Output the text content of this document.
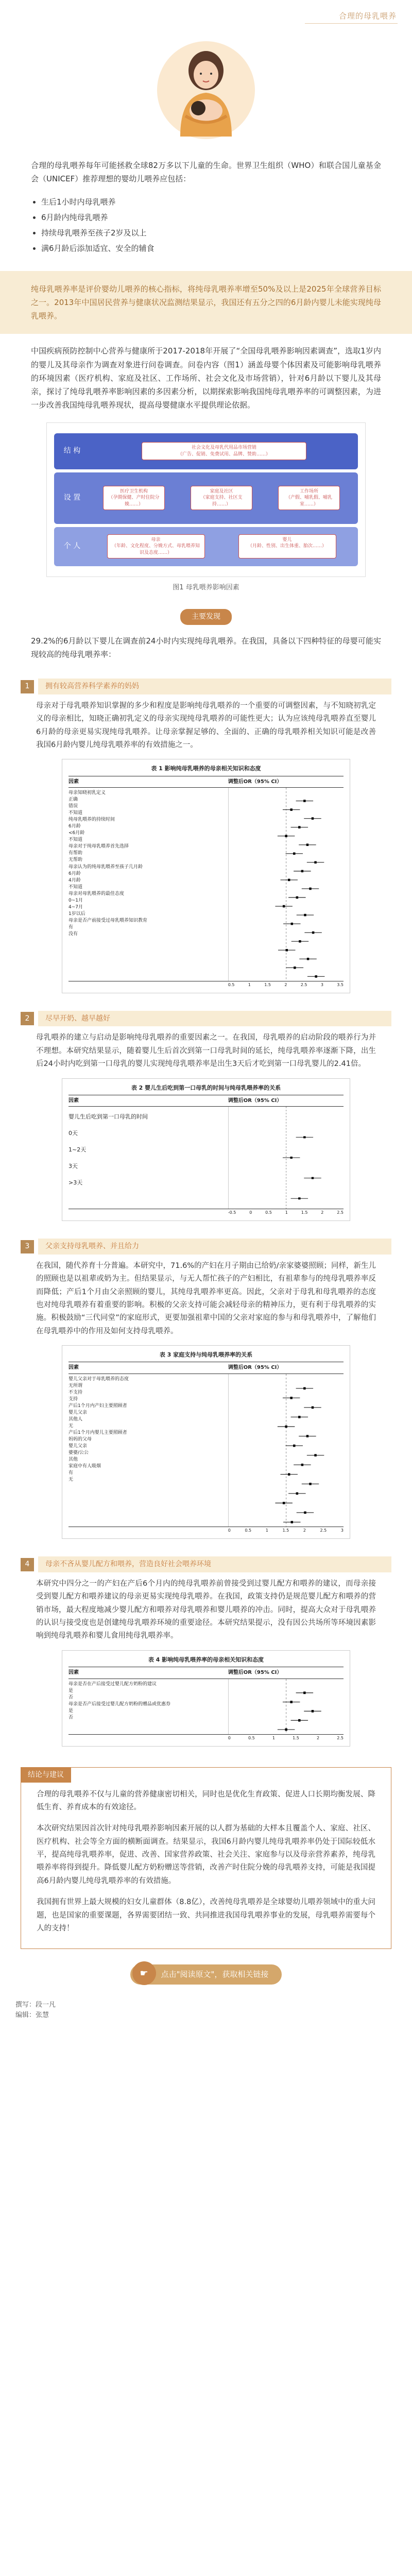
合理的母乳喂养

合理的母乳喂养每年可能拯救全球82万多以下儿童的生命。世界卫生组织（WHO）和联合国儿童基金会（UNICEF）推荐理想的婴幼儿喂养应包括：

生后1小时内母乳喂养
6月龄内纯母乳喂养
持续母乳喂养至孩子2岁及以上
满6月龄后添加适宜、安全的辅食
纯母乳喂养率是评价婴幼儿喂养的核心指标，将纯母乳喂养率增至50%及以上是2025年全球营养目标之一。2013年中国居民营养与健康状况监测结果显示，我国还有五分之四的6月龄内婴儿未能实现纯母乳喂养。

中国疾病预防控制中心营养与健康所于2017-2018年开展了“全国母乳喂养影响因素调查”，选取1岁内的婴儿及其母亲作为调查对象进行问卷调查。问卷内容（图1）涵盖母婴个体因素及可能影响母乳喂养的环境因素（医疗机构、家庭及社区、工作场所、社会文化及市场营销），针对6月龄以下婴儿及其母亲，探讨了纯母乳喂养率影响因素的多因素分析，以期探索影响我国纯母乳喂养率的可调整因素，为进一步改善我国纯母乳喂养现状，提高母婴健康水平提供理论依据。

结 构	社会文化及母乳代用品市场营销
（广告、促销、免费试用、品牌、赞助……）
设 置
医疗卫生机构
（孕期保健、产时住院分娩……）
家庭及社区
（家庭支持、社区支持……）
工作场所
（产假、哺乳假、哺乳室……）
个 人
母亲
（年龄、文化程度、分娩方式、母乳喂养知识及态度……）
婴儿
（月龄、性别、出生体重、胎次……）
图1 母乳喂养影响因素
主要发现

29.2%的6月龄以下婴儿在调查前24小时内实现纯母乳喂养。在我国，具备以下四种特征的母婴可能实现较高的纯母乳喂养率：

1	拥有较高营养科学素养的妈妈

母亲对于母乳喂养知识掌握的多少和程度是影响纯母乳喂养的一个重要的可调整因素，与不知晓初乳定义的母亲相比，知晓正确初乳定义的母亲实现纯母乳喂养的可能性更大；认为应该纯母乳喂养直至婴儿6月龄的母亲更易实现纯母乳喂养。让母亲掌握足够的、全面的、正确的母乳喂养相关知识可能是改善我国6月龄内婴儿纯母乳喂养率的有效措施之一。

表 1 影响纯母乳喂养的母亲相关知识和态度
因素	调整后OR（95% CI）
母亲知晓初乳定义
正确
错误
不知道
纯母乳喂养的持续时间
6月龄
<6月龄
不知道
母亲对于纯母乳喂养首先选择
有帮助
无帮助
母亲认为的纯母乳喂养至孩子几月龄
6月龄
4月龄
不知道
母亲对母乳喂养的最佳态度
0~1月
4~7月
1岁以后
母亲是否产前接受过母乳喂养知识教育
有
没有
0.5	1	1.5	2	2.5	3	3.5
2	尽早开奶、越早越好

母乳喂养的建立与启动是影响纯母乳喂养的重要因素之一。在我国，母乳喂养的启动阶段的喂养行为并不理想。本研究结果显示，随着婴儿生后首次到第一口母乳时间的延长，纯母乳喂养率逐渐下降，出生后24小时内吃到第一口母乳的婴儿实现纯母乳喂养率是出生3天后才吃到第一口母乳婴儿的2.41倍。

表 2 婴儿生后吃到第一口母乳的时间与纯母乳喂养率的关系
因素	调整后OR（95% CI）
婴儿生后吃到第一口母乳的时间
0天
1~2天
3天
>3天
-0.5	0	0.5	1	1.5	2	2.5
3	父亲支持母乳喂养、并且给力

在我国，随代养育十分普遍。本研究中，71.6%的产妇在月子期由已给奶/亲家婆婆照顾；同样，新生儿的照顾也是以祖辈或奶为主。但结果显示，与无人帮忙孩子的产妇相比，有祖辈参与的纯母乳喂养率反而降低；产后1个月由父亲照顾的婴儿，其纯母乳喂养率更高。因此，父亲对于母乳和母乳喂养的态度也对纯母乳喂养有着重要的影响。积极的父亲支持可能会减轻母亲的精神压力，更有利于母乳喂养的实施。积极鼓励“三代同堂”的家庭形式，更要加强祖辈中国的父亲对家庭的参与和母乳喂养中，了解他们在母乳喂养中的作用及如何支持母乳喂养。

表 3 家庭支持与纯母乳喂养率的关系
因素	调整后OR（95% CI）
婴儿父亲对于母乳喂养的态度
无所谓
不支持
支持
产后1个月内产妇主要照顾者
婴儿父亲
其他人
无
产后1个月内婴儿主要照顾者
妈妈的父母
婴儿父亲
婆婆/公公
其他
家庭中有人吸烟
有
无
0	0.5	1	1.5	2	2.5	3
4	母亲不吝从婴儿配方和喂养，营造良好社会喂养环境

本研究中四分之一的产妇在产后6个月内的纯母乳喂养前曾接受到过婴儿配方和喂养的建议，而母亲接受到婴儿配方和喂养建议的母亲更易实现纯母乳喂养。在我国，政策支持仍是规范婴儿配方和喂养的营销市场，最大程度地减少婴儿配方和喂养对母乳喂养和婴儿喂养的冲击。同时，提高大众对于母乳喂养的认识与接受度也是创建纯母乳喂养环境的重要途径。本研究结果提示，没有因公共场所等环境因素影响到纯母乳喂养和婴儿食用纯母乳喂养率。

表 4 影响纯母乳喂养率的母亲相关知识和态度
因素	调整后OR（95% CI）
母亲是否在产后接受过婴儿配方奶粉的建议
是
否
母亲是否产后接受过婴儿配方奶粉的赠品或优惠券
是
否
0	0.5	1	1.5	2	2.5
结论与建议

合理的母乳喂养不仅与儿童的营养健康密切相关，同时也是优化生育政策、促进人口长期均衡发展、降低生育、养育成本的有效途径。

本次研究结果因首次针对纯母乳喂养影响因素开展的以人群为基础的大样本且覆盖个人、家庭、社区、医疗机构、社会等全方面的横断面调查。结果显示，我国6月龄内婴儿纯母乳喂养率仍处于国际较低水平，提高纯母乳喂养率，促进、改善、国家营养政策、社会关注、家庭参与以及母亲营养素养，纯母乳喂养率将得到提升。降低婴儿配方奶粉赠送等营销，改善产时住院分娩的母乳喂养支持，可能是我国提高6月龄内婴儿纯母乳喂养率的有效措施。

我国拥有世界上最大规模的妇女儿童群体（8.8亿），改善纯母乳喂养是全球婴幼儿喂养领域中的重大问题，也是国家的重要课题，各界需要团结一致、共同推进我国母乳喂养事业的发展，母乳喂养需要每个人的支持！

☛	点击"阅读原文"，获取相关链接
撰写：段一凡
编辑：张慧
